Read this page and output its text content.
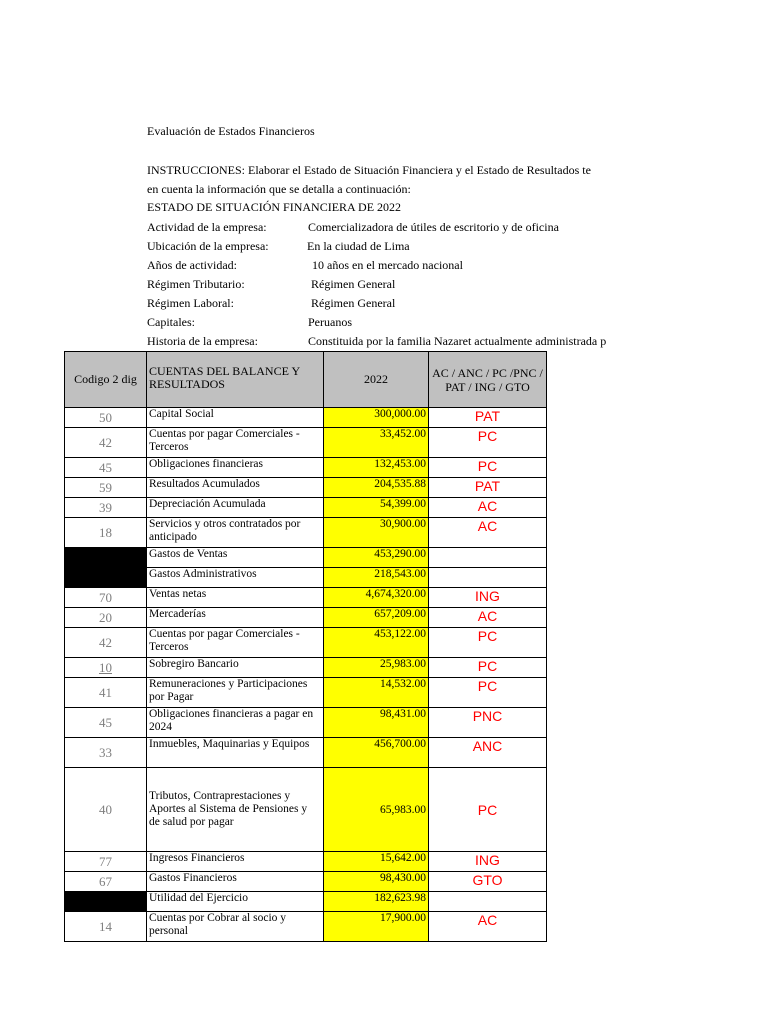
Evaluación de Estados Financieros
INSTRUCCIONES: Elaborar el Estado de Situación Financiera y el Estado de Resultados te
en cuenta la información que se detalla a continuación:
ESTADO DE SITUACIÓN FINANCIERA DE 2022
Actividad de la empresa:	Comercializadora de útiles de escritorio y de oficina
Ubicación de la empresa:	En la ciudad de Lima
Años de actividad:	10 años en el mercado nacional
Régimen Tributario:	Régimen General
Régimen Laboral:	Régimen General
Capitales:	Peruanos
Historia de la empresa:	Constituida por la familia Nazaret actualmente administrada p
Codigo 2 dig	CUENTAS DEL BALANCE Y RESULTADOS	2022	AC / ANC / PC /PNC / PAT / ING / GTO
50	Capital Social	300,000.00	PAT
42	Cuentas por pagar Comerciales - Terceros	33,452.00	PC
45	Obligaciones financieras	132,453.00	PC
59	Resultados Acumulados	204,535.88	PAT
39	Depreciación Acumulada	54,399.00	AC
18	Servicios y otros contratados por anticipado	30,900.00	AC

	Gastos de Ventas	453,290.00	

	Gastos Administrativos	218,543.00	
70	Ventas netas	4,674,320.00	ING
20	Mercaderías	657,209.00	AC
42	Cuentas por pagar Comerciales - Terceros	453,122.00	PC
10	Sobregiro Bancario	25,983.00	PC
41	Remuneraciones y Participaciones por Pagar	14,532.00	PC
45	Obligaciones financieras a pagar en 2024	98,431.00	PNC
33	Inmuebles, Maquinarias y Equipos	456,700.00	ANC
40	Tributos, Contraprestaciones y Aportes al Sistema de Pensiones y
de salud por pagar	65,983.00	PC
77	Ingresos Financieros	15,642.00	ING
67	Gastos Financieros	98,430.00	GTO

	Utilidad del Ejercicio	182,623.98	
14	Cuentas por Cobrar al socio y personal	17,900.00	AC
